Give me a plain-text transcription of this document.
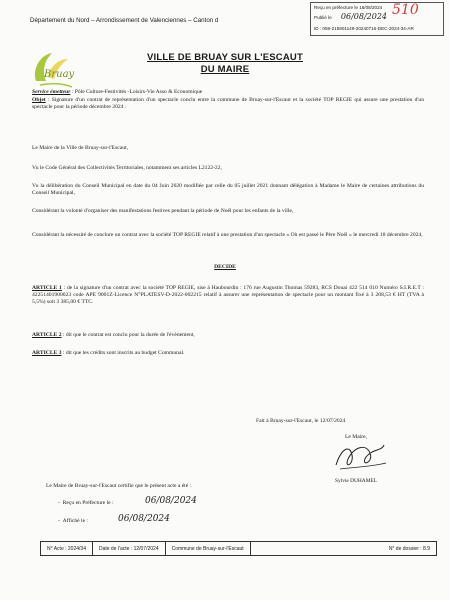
Département du Nord – Arrondissement de Valenciennes – Canton d
Reçu en préfecture le 16/08/2024
Publié le 06/08/2024
ID : 059-215901149-20240716-DEC-2024-34-AR
510
Bruay
VILLE DE BRUAY SUR L'ESCAUT
DU MAIRE
Service émetteur : Pôle Culture-Festivités -Loisirs-Vie Asso & Economique
Objet : Signature d'un contrat de représentation d'un spectacle conclu entre la commune de Bruay-sur-l'Escaut et la société TOP REGIE qui assure une prestation d'un spectacle pour la période décembre 2024 .
Le Maire de la Ville de Bruay-sur-l'Escaut,
Vu le Code Général des Collectivités Territoriales, notamment ses articles L2122-22,
Vu la délibération du Conseil Municipal en date du 04 Juin 2020 modifiée par celle du 05 juillet 2021 donnant délégation à Madame le Maire de certaines attributions du Conseil Municipal,
Considérant la volonté d'organiser des manifestations festives pendant la période de Noël pour les enfants de la ville,
Considérant la nécessité de conclure un contrat avec la société TOP REGIE relatif à une prestation d'un spectacle « Où est passé le Père Noël » le mercredi 18 décembre 2024,
DECIDE
ARTICLE 1 : de la signature d'un contrat avec la société TOP REGIE, sise à Haubourdin : 176 rue Augustin Thomas 59283, RCS Douai 422 514 010 Numéro S.I.R.E.T : 42251401900023 code APE 9001Z-Licence N°PLATESV-D-2022-002215 relatif à assurer une représentation de spectacle pour un montant fixé à 3 208,53 € HT (TVA à 5,5%) soit 3 385,00 € TTC.
ARTICLE 2 : dit que le contrat est conclu pour la durée de l'évènement,
ARTICLE 3 : dit que les crédits sont inscrits au budget Communal.
Fait à Bruay-sur-l'Escaut, le 12/07/2024
Le Maire,
Sylvie DUHAMEL
Le Maire de Bruay-sur-l'Escaut certifie que le présent acte a été :
-  Reçu en Préfecture le :	06/08/2024
-  Affiché le :	06/08/2024
N° Acte : 2024/34	Date de l'acte : 12/07/2024	Commune de Bruay-sur-l'Escaut	N° de dossier : 8.9
